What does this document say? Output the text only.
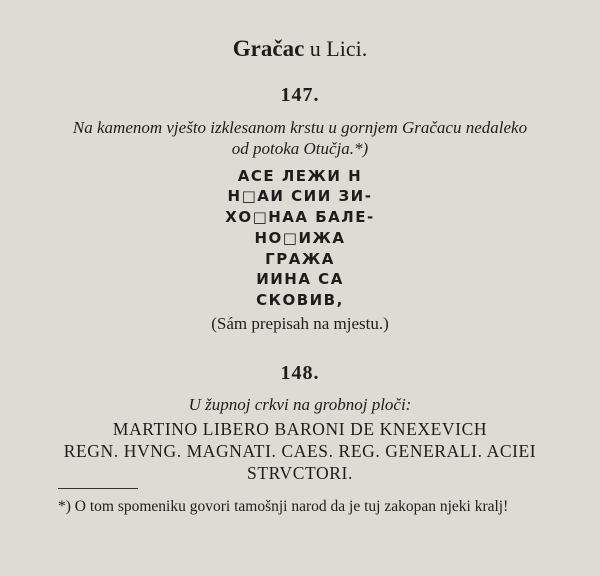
Gračac u Lici.
147.
Na kamenom vješto izklesanom krstu u gornjem Gračacu nedaleko
od potoka Otučja.*)
АСЕ ЛЕЖИ Н
Н□АИ СИИ ЗИ-
ХО□НАА БАЛЕ-
НО□ИЖА
ГРАЖА
ИИНА СА
СКОВИВ,
(Sám prepisah na mjestu.)
148.
U župnoj crkvi na grobnoj ploči:
MARTINO LIBERO BARONI DE KNEXEVICH
REGN. HVNG. MAGNATI. CAES. REG. GENERALI. ACIEI
STRVCTORI.
*) O tom spomeniku govori tamošnji narod da je tuj zakopan njeki kralj!
